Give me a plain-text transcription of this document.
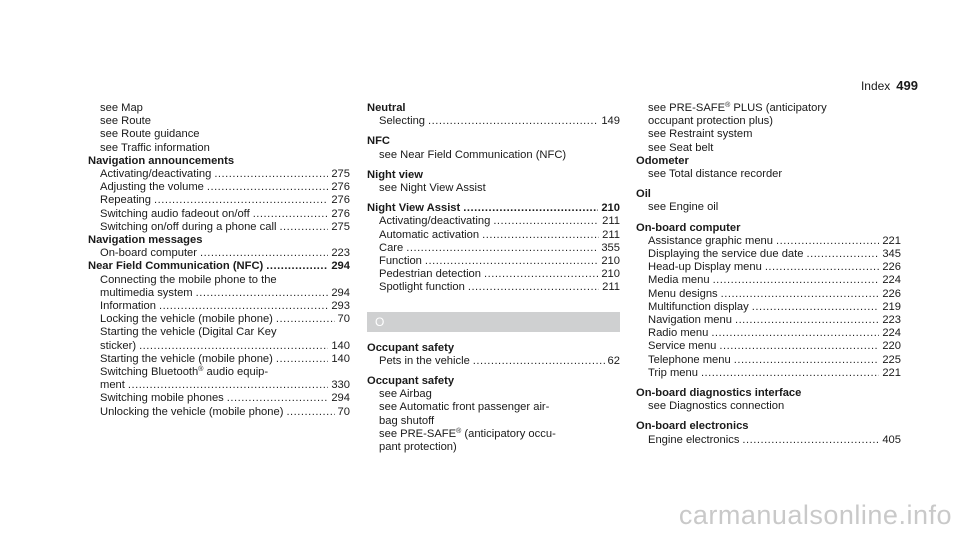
Index 499
see Map
see Route
see Route guidance
see Traffic information
Navigation announcements
Activating/deactivating .....	275
Adjusting the volume .....	276
Repeating .....	276
Switching audio fadeout on/off .....	276
Switching on/off during a phone call .....	275
Navigation messages
On-board computer .....	223
Near Field Communication (NFC) .....	294
Connecting the mobile phone to the
multimedia system .....	294
Information .....	293
Locking the vehicle (mobile phone) .....	70
Starting the vehicle (Digital Car Key
sticker) .....	140
Starting the vehicle (mobile phone) .....	140
Switching Bluetooth® audio equip-
ment .....	330
Switching mobile phones .....	294
Unlocking the vehicle (mobile phone) .....	70
Neutral
Selecting .....	149
NFC
see Near Field Communication (NFC)
Night view
see Night View Assist
Night View Assist .....	210
Activating/deactivating .....	211
Automatic activation .....	211
Care .....	355
Function .....	210
Pedestrian detection .....	210
Spotlight function .....	211
O
Occupant safety
Pets in the vehicle .....	62
Occupant safety
see Airbag
see Automatic front passenger air-
bag shutoff
see PRE-SAFE® (anticipatory occu-
pant protection)
see PRE-SAFE® PLUS (anticipatory
occupant protection plus)
see Restraint system
see Seat belt
Odometer
see Total distance recorder
Oil
see Engine oil
On-board computer
Assistance graphic menu .....	221
Displaying the service due date .....	345
Head-up Display menu .....	226
Media menu .....	224
Menu designs .....	226
Multifunction display .....	219
Navigation menu .....	223
Radio menu .....	224
Service menu .....	220
Telephone menu .....	225
Trip menu .....	221
On-board diagnostics interface
see Diagnostics connection
On-board electronics
Engine electronics .....	405
carmanualsonline.info
